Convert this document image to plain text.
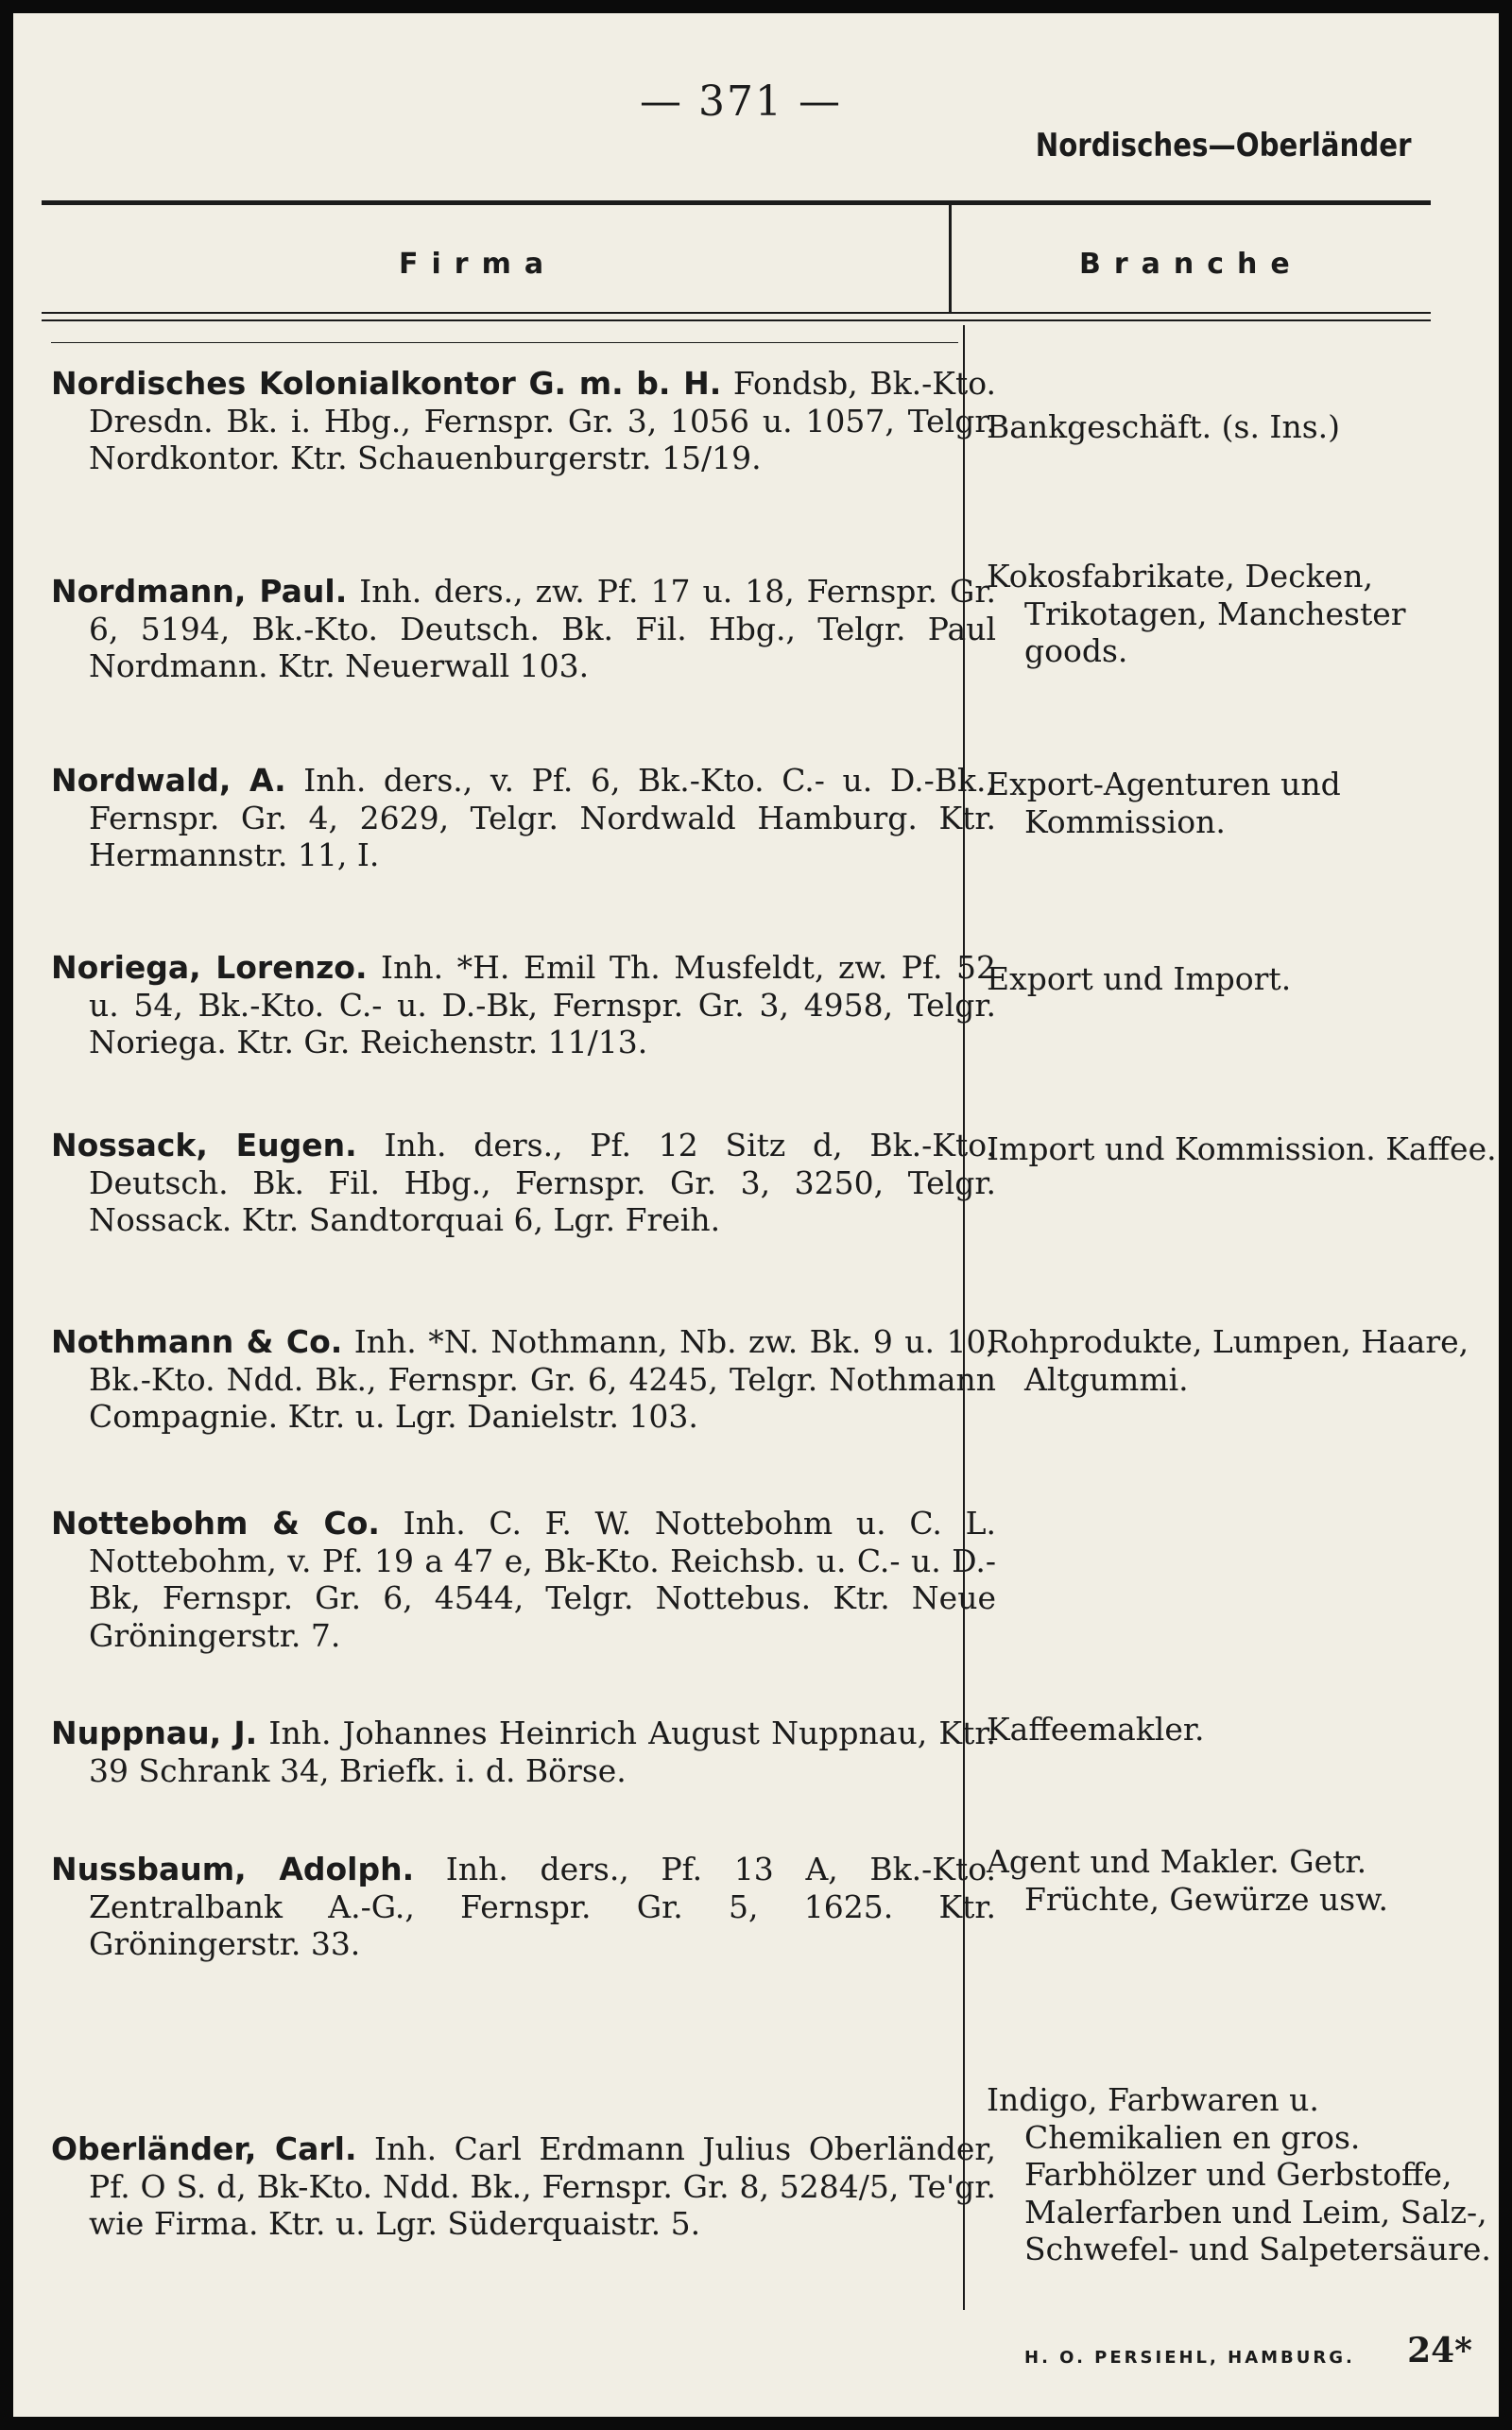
— 371 —
Nordisches—Oberländer
Firma	Branche

Nordisches Kolonialkontor G. m. b. H. Fondsb, Bk.-Kto. Dresdn. Bk. i. Hbg., Fernspr. Gr. 3, 1056 u. 1057, Telgr. Nordkontor. Ktr. Schauenburgerstr. 15/19.

Bankgeschäft. (s. Ins.)

Nordmann, Paul. Inh. ders., zw. Pf. 17 u. 18, Fernspr. Gr. 6, 5194, Bk.-Kto. Deutsch. Bk. Fil. Hbg., Telgr. Paul Nordmann. Ktr. Neuerwall 103.

Kokosfabrikate, Decken, Trikotagen, Manchester goods.

Nordwald, A. Inh. ders., v. Pf. 6, Bk.-Kto. C.- u. D.-Bk., Fernspr. Gr. 4, 2629, Telgr. Nordwald Hamburg. Ktr. Hermannstr. 11, I.

Export-Agenturen und Kommission.

Noriega, Lorenzo. Inh. *H. Emil Th. Musfeldt, zw. Pf. 52 u. 54, Bk.-Kto. C.- u. D.-Bk, Fernspr. Gr. 3, 4958, Telgr. Noriega. Ktr. Gr. Reichenstr. 11/13.

Export und Import.

Nossack, Eugen. Inh. ders., Pf. 12 Sitz d, Bk.-Kto. Deutsch. Bk. Fil. Hbg., Fernspr. Gr. 3, 3250, Telgr. Nossack. Ktr. Sandtorquai 6, Lgr. Freih.

Import und Kommission. Kaffee.

Nothmann & Co. Inh. *N. Nothmann, Nb. zw. Bk. 9 u. 10, Bk.-Kto. Ndd. Bk., Fernspr. Gr. 6, 4245, Telgr. Nothmann Compagnie. Ktr. u. Lgr. Danielstr. 103.

Rohprodukte, Lumpen, Haare, Altgummi.

Nottebohm & Co. Inh. C. F. W. Nottebohm u. C. L. Nottebohm, v. Pf. 19 a 47 e, Bk-Kto. Reichsb. u. C.- u. D.-Bk, Fernspr. Gr. 6, 4544, Telgr. Nottebus. Ktr. Neue Gröningerstr. 7.

Nuppnau, J. Inh. Johannes Heinrich August Nuppnau, Ktr. 39 Schrank 34, Briefk. i. d. Börse.

Kaffeemakler.

Nussbaum, Adolph. Inh. ders., Pf. 13 A, Bk.-Kto. Zentralbank A.-G., Fernspr. Gr. 5, 1625. Ktr. Gröningerstr. 33.

Agent und Makler. Getr. Früchte, Gewürze usw.

Oberländer, Carl. Inh. Carl Erdmann Julius Oberländer, Pf. O S. d, Bk-Kto. Ndd. Bk., Fernspr. Gr. 8, 5284/5, Te'gr. wie Firma. Ktr. u. Lgr. Süderquaistr. 5.

Indigo, Farbwaren u. Chemikalien en gros. Farbhölzer und Gerbstoffe, Malerfarben und Leim, Salz-, Schwefel- und Salpetersäure.

H. O. PERSIEHL, HAMBURG. 24*
